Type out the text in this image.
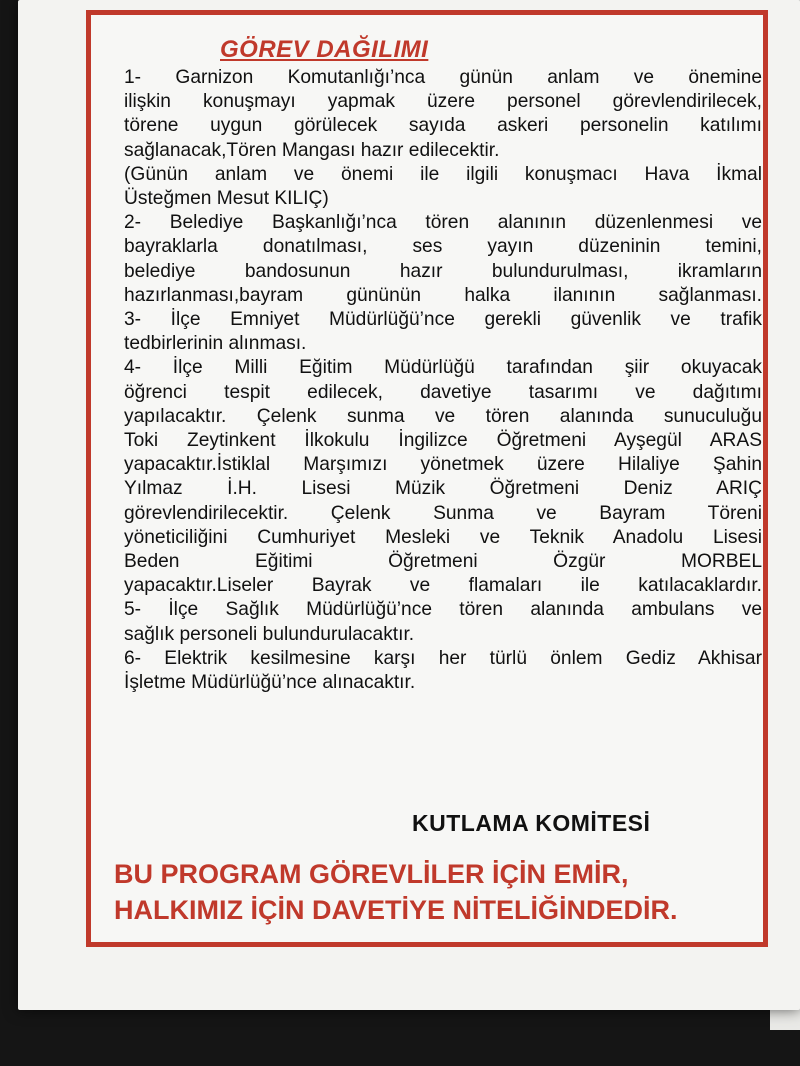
GÖREV DAĞILIMI
1- Garnizon Komutanlığı’nca günün anlam ve önemine
ilişkin konuşmayı yapmak üzere personel görevlendirilecek,
törene uygun görülecek sayıda askeri personelin katılımı
sağlanacak,Tören Mangası hazır edilecektir.
(Günün anlam ve önemi ile ilgili konuşmacı Hava İkmal
Üsteğmen Mesut KILIÇ)
2- Belediye Başkanlığı’nca tören alanının düzenlenmesi ve
bayraklarla donatılması, ses yayın düzeninin temini,
belediye bandosunun hazır bulundurulması, ikramların
hazırlanması,bayram gününün halka ilanının sağlanması.
3- İlçe Emniyet Müdürlüğü’nce gerekli güvenlik ve trafik
tedbirlerinin alınması.
4- İlçe Milli Eğitim Müdürlüğü tarafından şiir okuyacak
öğrenci tespit edilecek, davetiye tasarımı ve dağıtımı
yapılacaktır. Çelenk sunma ve tören alanında sunuculuğu
Toki Zeytinkent İlkokulu İngilizce Öğretmeni Ayşegül ARAS
yapacaktır.İstiklal Marşımızı yönetmek üzere Hilaliye Şahin
Yılmaz İ.H. Lisesi Müzik Öğretmeni Deniz ARIÇ
görevlendirilecektir. Çelenk Sunma ve Bayram Töreni
yöneticiliğini Cumhuriyet Mesleki ve Teknik Anadolu Lisesi
Beden Eğitimi Öğretmeni Özgür MORBEL
yapacaktır.Liseler Bayrak ve flamaları ile katılacaklardır.
5- İlçe Sağlık Müdürlüğü’nce tören alanında ambulans ve
sağlık personeli bulundurulacaktır.
6- Elektrik kesilmesine karşı her türlü önlem Gediz Akhisar
İşletme Müdürlüğü’nce alınacaktır.
KUTLAMA KOMİTESİ
BU PROGRAM GÖREVLİLER İÇİN EMİR,
HALKIMIZ İÇİN DAVETİYE NİTELİĞİNDEDİR.
